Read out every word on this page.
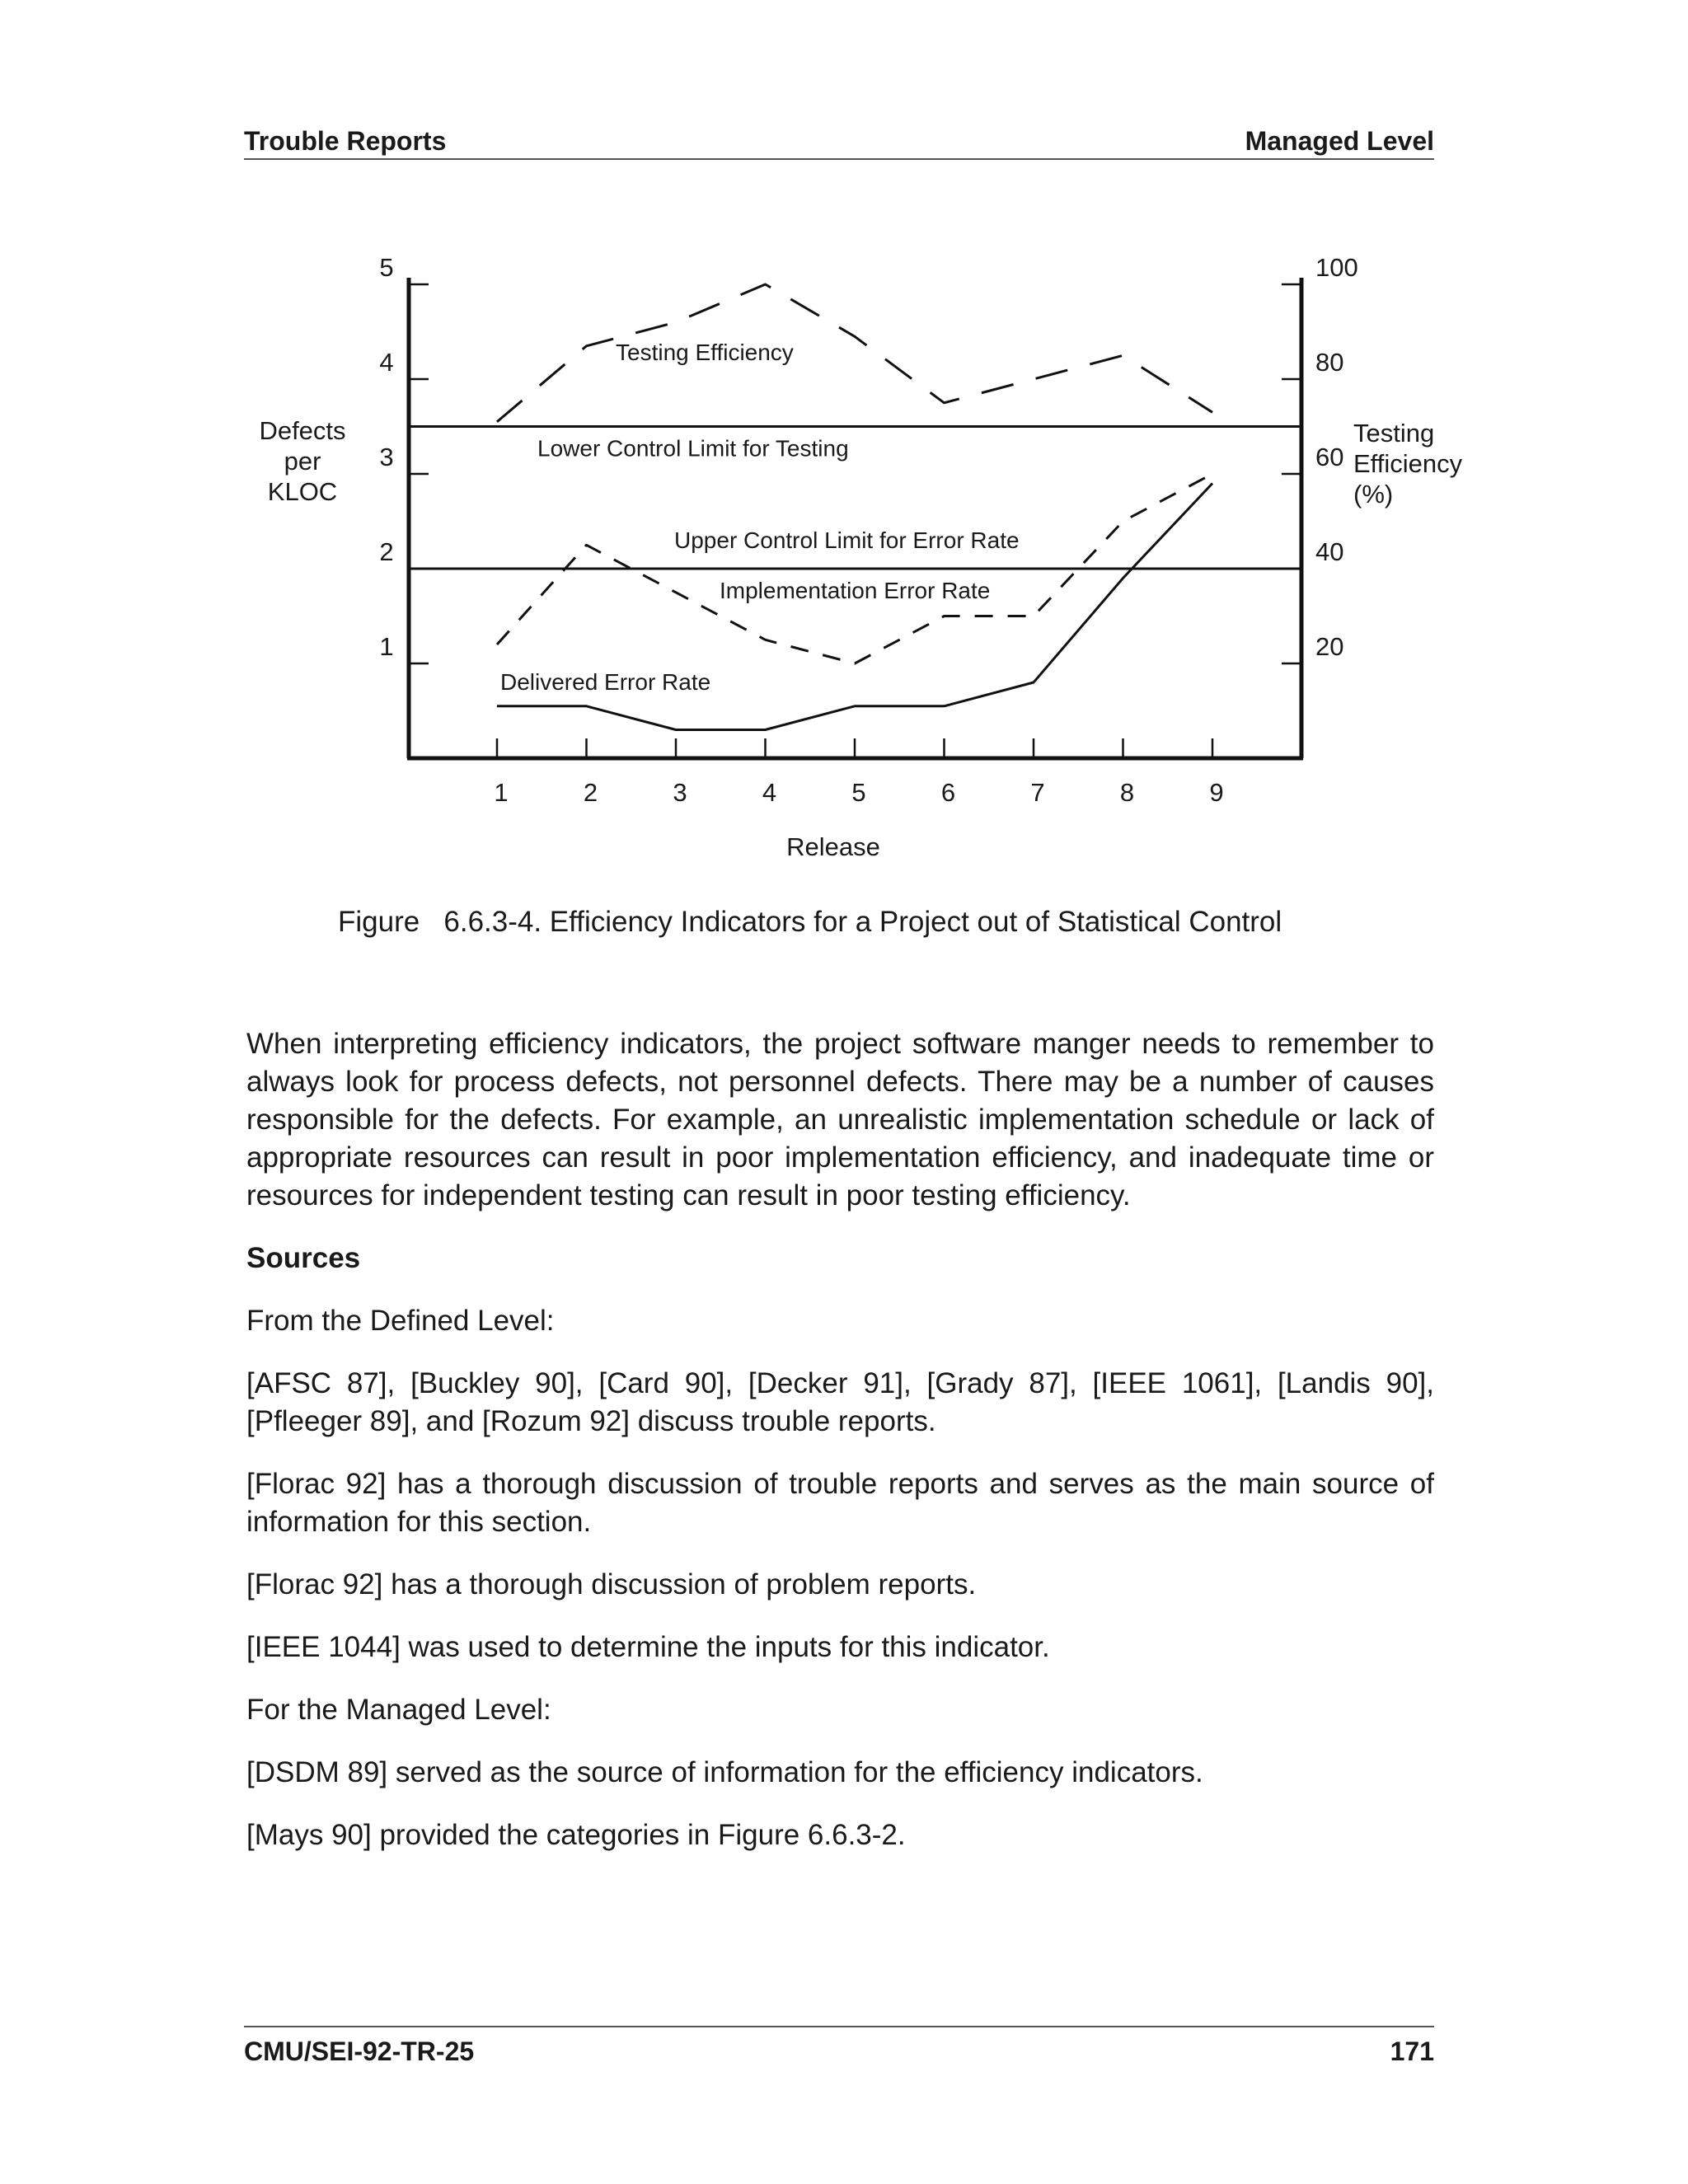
Trouble Reports	Managed Level
1
2
3
4
5
20
40
60
80
100
1	2	3	4	5	6	7	8	9
Release
Defects
per
KLOC
Testing
Efficiency
(%)
Lower Control Limit for Testing
Upper Control Limit for Error Rate
Testing Efficiency
Implementation Error Rate
Delivered Error Rate
Figure   6.6.3-4. Efficiency Indicators for a Project out of Statistical Control

When interpreting efficiency indicators, the project software manger needs to remember to always look for process defects, not personnel defects. There may be a number of causes responsible for the defects. For example, an unrealistic implementation schedule or lack of appropriate resources can result in poor implementation efficiency, and inadequate time or resources for independent testing can result in poor testing efficiency.

Sources

From the Defined Level:

[AFSC 87], [Buckley 90], [Card 90], [Decker 91], [Grady 87], [IEEE 1061], [Landis 90], [Pfleeger 89], and [Rozum 92] discuss trouble reports.

[Florac 92] has a thorough discussion of trouble reports and serves as the main source of information for this section.

[Florac 92] has a thorough discussion of problem reports.

[IEEE 1044] was used to determine the inputs for this indicator.

For the Managed Level:

[DSDM 89] served as the source of information for the efficiency indicators.

[Mays 90] provided the categories in Figure 6.6.3-2.

CMU/SEI-92-TR-25	171
